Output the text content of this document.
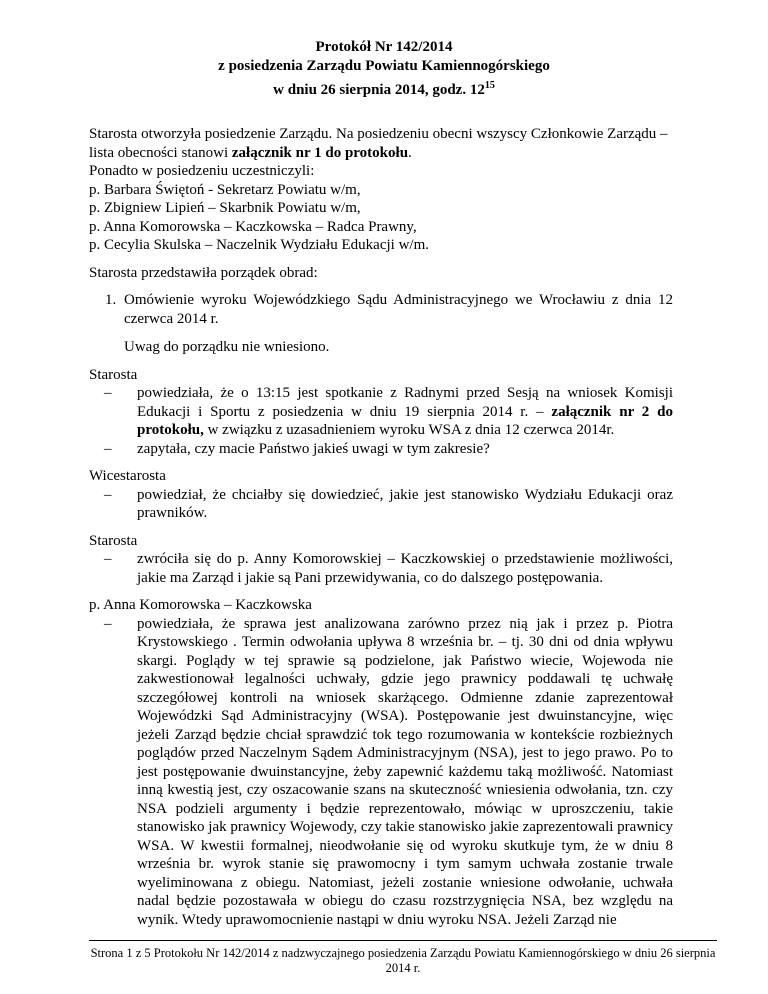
Protokół Nr 142/2014
z posiedzenia Zarządu Powiatu Kamiennogórskiego
w dniu 26 sierpnia 2014, godz. $12^{15}$

Starosta otworzyła posiedzenie Zarządu. Na posiedzeniu obecni wszyscy Członkowie Zarządu – lista obecności stanowi załącznik nr 1 do protokołu.

Ponadto w posiedzeniu uczestniczyli:

p. Barbara Świętoń - Sekretarz Powiatu w/m,

p. Zbigniew Lipień – Skarbnik Powiatu w/m,

p. Anna Komorowska – Kaczkowska – Radca Prawny,

p. Cecylia Skulska – Naczelnik Wydziału Edukacji w/m.

Starosta przedstawiła porządek obrad:

1. Omówienie wyroku Wojewódzkiego Sądu Administracyjnego we Wrocławiu z dnia 12 czerwca 2014 r.

Uwag do porządku nie wniesiono.

Starosta

– powiedziała, że o 13:15 jest spotkanie z Radnymi przed Sesją na wniosek Komisji Edukacji i Sportu z posiedzenia w dniu 19 sierpnia 2014 r. – załącznik nr 2 do protokołu, w związku z uzasadnieniem wyroku WSA z dnia 12 czerwca 2014r.
– zapytała, czy macie Państwo jakieś uwagi w tym zakresie?

Wicestarosta

– powiedział, że chciałby się dowiedzieć, jakie jest stanowisko Wydziału Edukacji oraz prawników.

Starosta

– zwróciła się do p. Anny Komorowskiej – Kaczkowskiej o przedstawienie możliwości, jakie ma Zarząd i jakie są Pani przewidywania, co do dalszego postępowania.

p. Anna Komorowska – Kaczkowska

– powiedziała, że sprawa jest analizowana zarówno przez nią jak i przez p. Piotra Krystowskiego . Termin odwołania upływa 8 września br. – tj. 30 dni od dnia wpływu skargi. Poglądy w tej sprawie są podzielone, jak Państwo wiecie, Wojewoda nie zakwestionował legalności uchwały, gdzie jego prawnicy poddawali tę uchwałę szczegółowej kontroli na wniosek skarżącego. Odmienne zdanie zaprezentował Wojewódzki Sąd Administracyjny (WSA). Postępowanie jest dwuinstancyjne, więc jeżeli Zarząd będzie chciał sprawdzić tok tego rozumowania w kontekście rozbieżnych poglądów przed Naczelnym Sądem Administracyjnym (NSA), jest to jego prawo. Po to jest postępowanie dwuinstancyjne, żeby zapewnić każdemu taką możliwość. Natomiast inną kwestią jest, czy oszacowanie szans na skuteczność wniesienia odwołania, tzn. czy NSA podzieli argumenty i będzie reprezentowało, mówiąc w uproszczeniu, takie stanowisko jak prawnicy Wojewody, czy takie stanowisko jakie zaprezentowali prawnicy WSA. W kwestii formalnej, nieodwołanie się od wyroku skutkuje tym, że w dniu 8 września br. wyrok stanie się prawomocny i tym samym uchwała zostanie trwale wyeliminowana z obiegu. Natomiast, jeżeli zostanie wniesione odwołanie, uchwała nadal będzie pozostawała w obiegu do czasu rozstrzygnięcia NSA, bez względu na wynik. Wtedy uprawomocnienie nastąpi w dniu wyroku NSA. Jeżeli Zarząd nie
Strona 1 z 5 Protokołu Nr 142/2014 z nadzwyczajnego posiedzenia Zarządu Powiatu Kamiennogórskiego w dniu 26 sierpnia 2014 r.
